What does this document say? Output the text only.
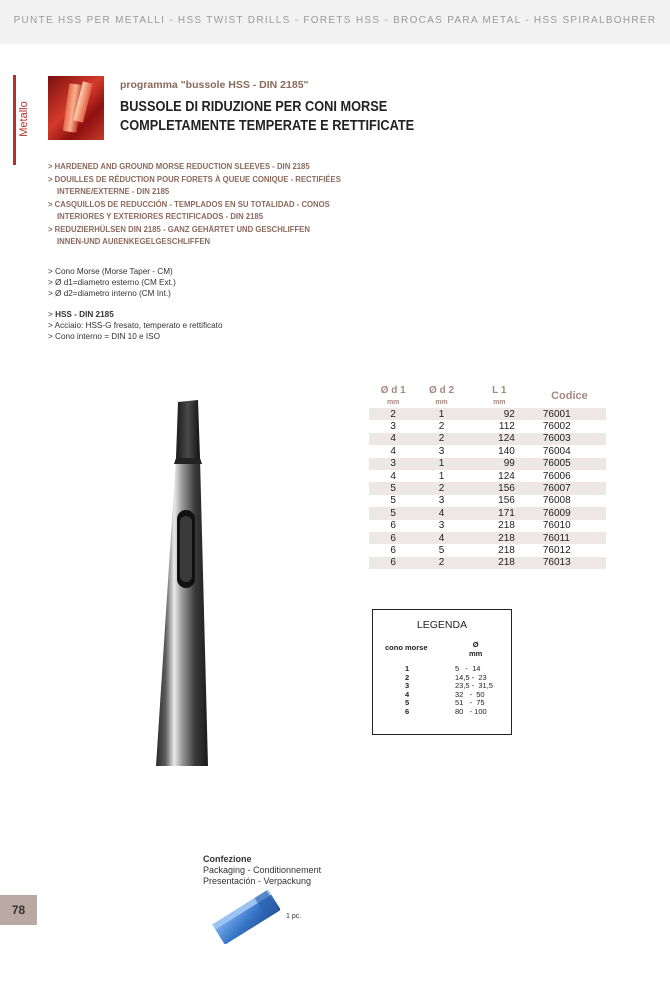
PUNTE HSS PER METALLI - HSS TWIST DRILLS - FORETS HSS - BROCAS PARA METAL - HSS SPIRALBOHRER
Metallo
programma "bussole HSS - DIN 2185"
BUSSOLE DI RIDUZIONE PER CONI MORSE
COMPLETAMENTE TEMPERATE E RETTIFICATE
> HARDENED AND GROUND MORSE REDUCTION SLEEVES - DIN 2185
> DOUILLES DE RÉDUCTION POUR FORETS À QUEUE CONIQUE - RECTIFIÉES
INTERNE/EXTERNE - DIN 2185
> CASQUILLOS DE REDUCCIÓN - TEMPLADOS EN SU TOTALIDAD - CONOS
INTERIORES Y EXTERIORES RECTIFICADOS - DIN 2185
> REDUZIERHÜLSEN DIN 2185 - GANZ GEHÄRTET UND GESCHLIFFEN
INNEN-UND AUßENKEGELGESCHLIFFEN
> Cono Morse (Morse Taper - CM)
> Ø d1=diametro esterno (CM Ext.)
> Ø d2=diametro interno (CM Int.)
> HSS - DIN 2185
> Acciaio: HSS-G fresato, temperato e rettificato
> Cono interno = DIN 10 e ISO
Ø d 1	Ø d 2	L 1	Codice
mm	mm	mm	
2	1	92	76001
3	2	112	76002
4	2	124	76003
4	3	140	76004
3	1	99	76005
4	1	124	76006
5	2	156	76007
5	3	156	76008
5	4	171	76009
6	3	218	76010
6	4	218	76011
6	5	218	76012
6	2	218	76013
LEGENDA
cono morse	Ø
mm
1	5   -  14
2	14,5 -  23
3	23,5 -  31,5
4	32   -  50
5	51   -  75
6	80   - 100
Confezione
Packaging - Conditionnement
Presentación - Verpackung
1 pc.
78
